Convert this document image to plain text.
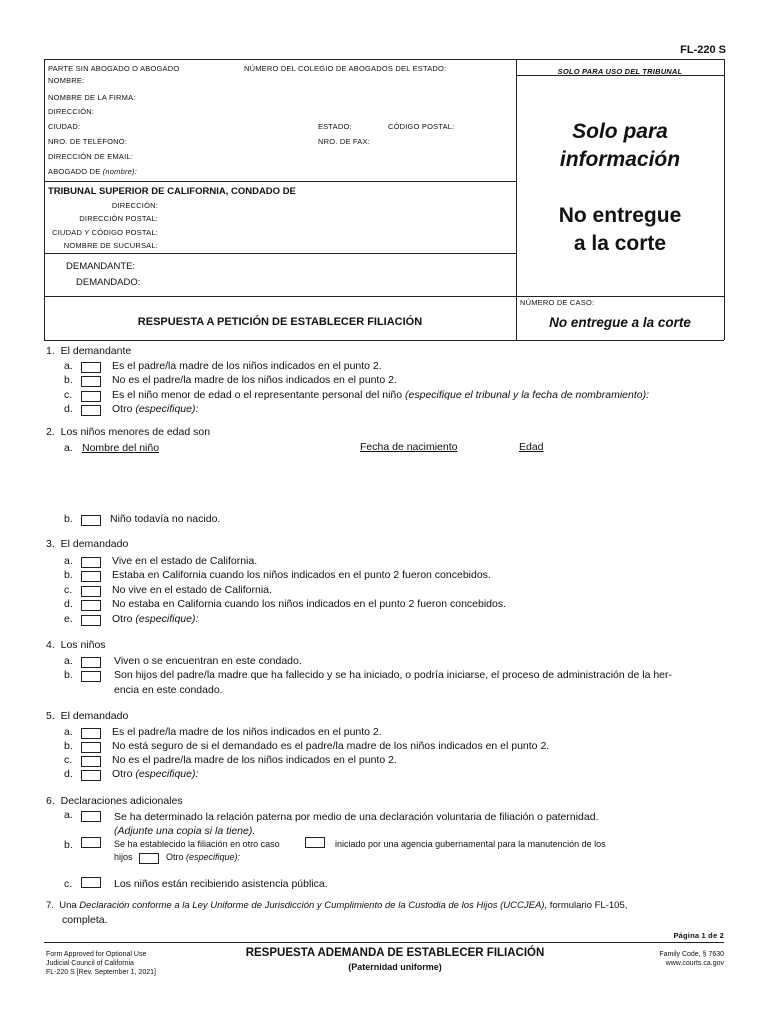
FL-220 S
PARTE SIN ABOGADO O ABOGADO	NÚMERO DEL COLEGIO DE ABOGADOS DEL ESTADO:	SOLO PARA USO DEL TRIBUNAL
NOMBRE:
NOMBRE DE LA FIRMA:
DIRECCIÓN:
CIUDAD:	ESTADO:	CÓDIGO POSTAL:
NRO. DE TELÉFONO:	NRO. DE FAX:
DIRECCIÓN DE EMAIL:
ABOGADO DE (nombre):
Solo para
información
No entregue
a la corte
TRIBUNAL SUPERIOR DE CALIFORNIA, CONDADO DE
DIRECCIÓN:
DIRECCIÓN POSTAL:
CIUDAD Y CÓDIGO POSTAL:
NOMBRE DE SUCURSAL:
DEMANDANTE:
DEMANDADO:
NÚMERO DE CASO:
RESPUESTA A PETICIÓN DE ESTABLECER FILIACIÓN	No entregue a la corte
1. El demandante
a.	Es el padre/la madre de los niños indicados en el punto 2.
b.	No es el padre/la madre de los niños indicados en el punto 2.
c.	Es el niño menor de edad o el representante personal del niño (especifique el tribunal y la fecha de nombramiento):
d.	Otro (especifique):
2. Los niños menores de edad son
a. Nombre del niño	Fecha de nacimiento	Edad
b.	Niño todavía no nacido.
3. El demandado
a.	Vive en el estado de California.
b.	Estaba en California cuando los niños indicados en el punto 2 fueron concebidos.
c.	No vive en el estado de California.
d.	No estaba en California cuando los niños indicados en el punto 2 fueron concebidos.
e.	Otro (especifique):
4. Los niños
a.	Viven o se encuentran en este condado.
b.	Son hijos del padre/la madre que ha fallecido y se ha iniciado, o podría iniciarse, el proceso de administración de la her-
encia en este condado.
5. El demandado
a.	Es el padre/la madre de los niños indicados en el punto 2.
b.	No está seguro de si el demandado es el padre/la madre de los niños indicados en el punto 2.
c.	No es el padre/la madre de los niños indicados en el punto 2.
d.	Otro (especifique):
6. Declaraciones adicionales
a.	Se ha determinado la relación paterna por medio de una declaración voluntaria de filiación o paternidad.
(Adjunte una copia si la tiene).
b.	Se ha establecido la filiación en otro caso	iniciado por una agencia gubernamental para la manutención de los
hijos	Otro (especifique):
c.	Los niños están recibiendo asistencia pública.
7. Una Declaración conforme a la Ley Uniforme de Jurisdicción y Cumplimiento de la Custodia de los Hijos (UCCJEA), formulario FL-105,
completa.
Página 1 de 2
Form Approved for Optional Use
Judicial Council of California
FL-220 S [Rev. September 1, 2021]
RESPUESTA ADEMANDA DE ESTABLECER FILIACIÓN
(Paternidad uniforme)
Family Code, § 7630
www.courts.ca.gov
